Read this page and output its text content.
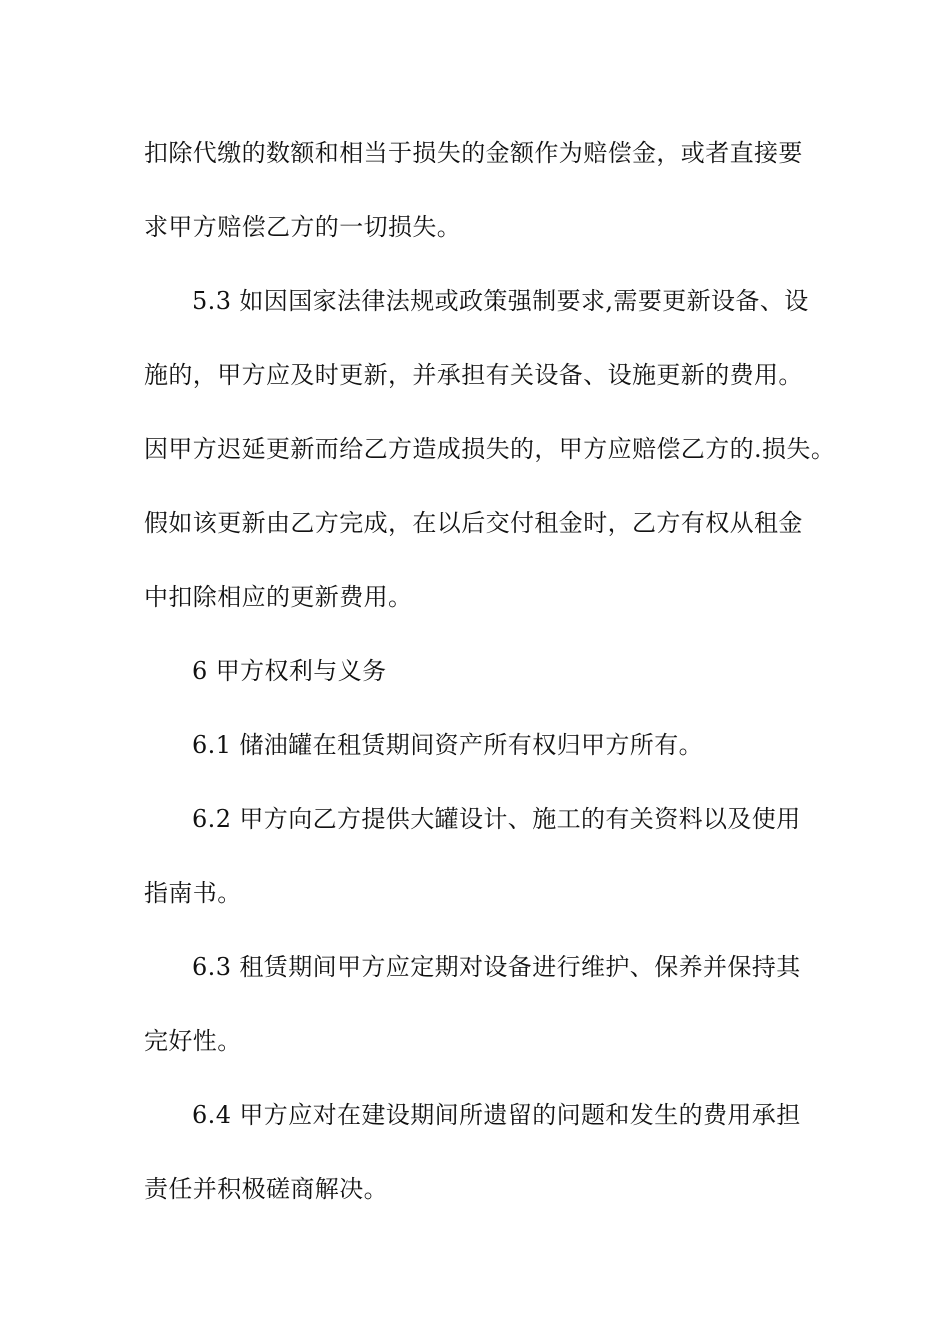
扣除代缴的数额和相当于损失的金额作为赔偿金，或者直接要
求甲方赔偿乙方的一切损失。
5.3 如因国家法律法规或政策强制要求,需要更新设备、设
施的，甲方应及时更新，并承担有关设备、设施更新的费用。
因甲方迟延更新而给乙方造成损失的，甲方应赔偿乙方的.损失。
假如该更新由乙方完成，在以后交付租金时，乙方有权从租金
中扣除相应的更新费用。
6 甲方权利与义务
6.1 储油罐在租赁期间资产所有权归甲方所有。
6.2 甲方向乙方提供大罐设计、施工的有关资料以及使用
指南书。
6.3 租赁期间甲方应定期对设备进行维护、保养并保持其
完好性。
6.4 甲方应对在建设期间所遗留的问题和发生的费用承担
责任并积极磋商解决。
